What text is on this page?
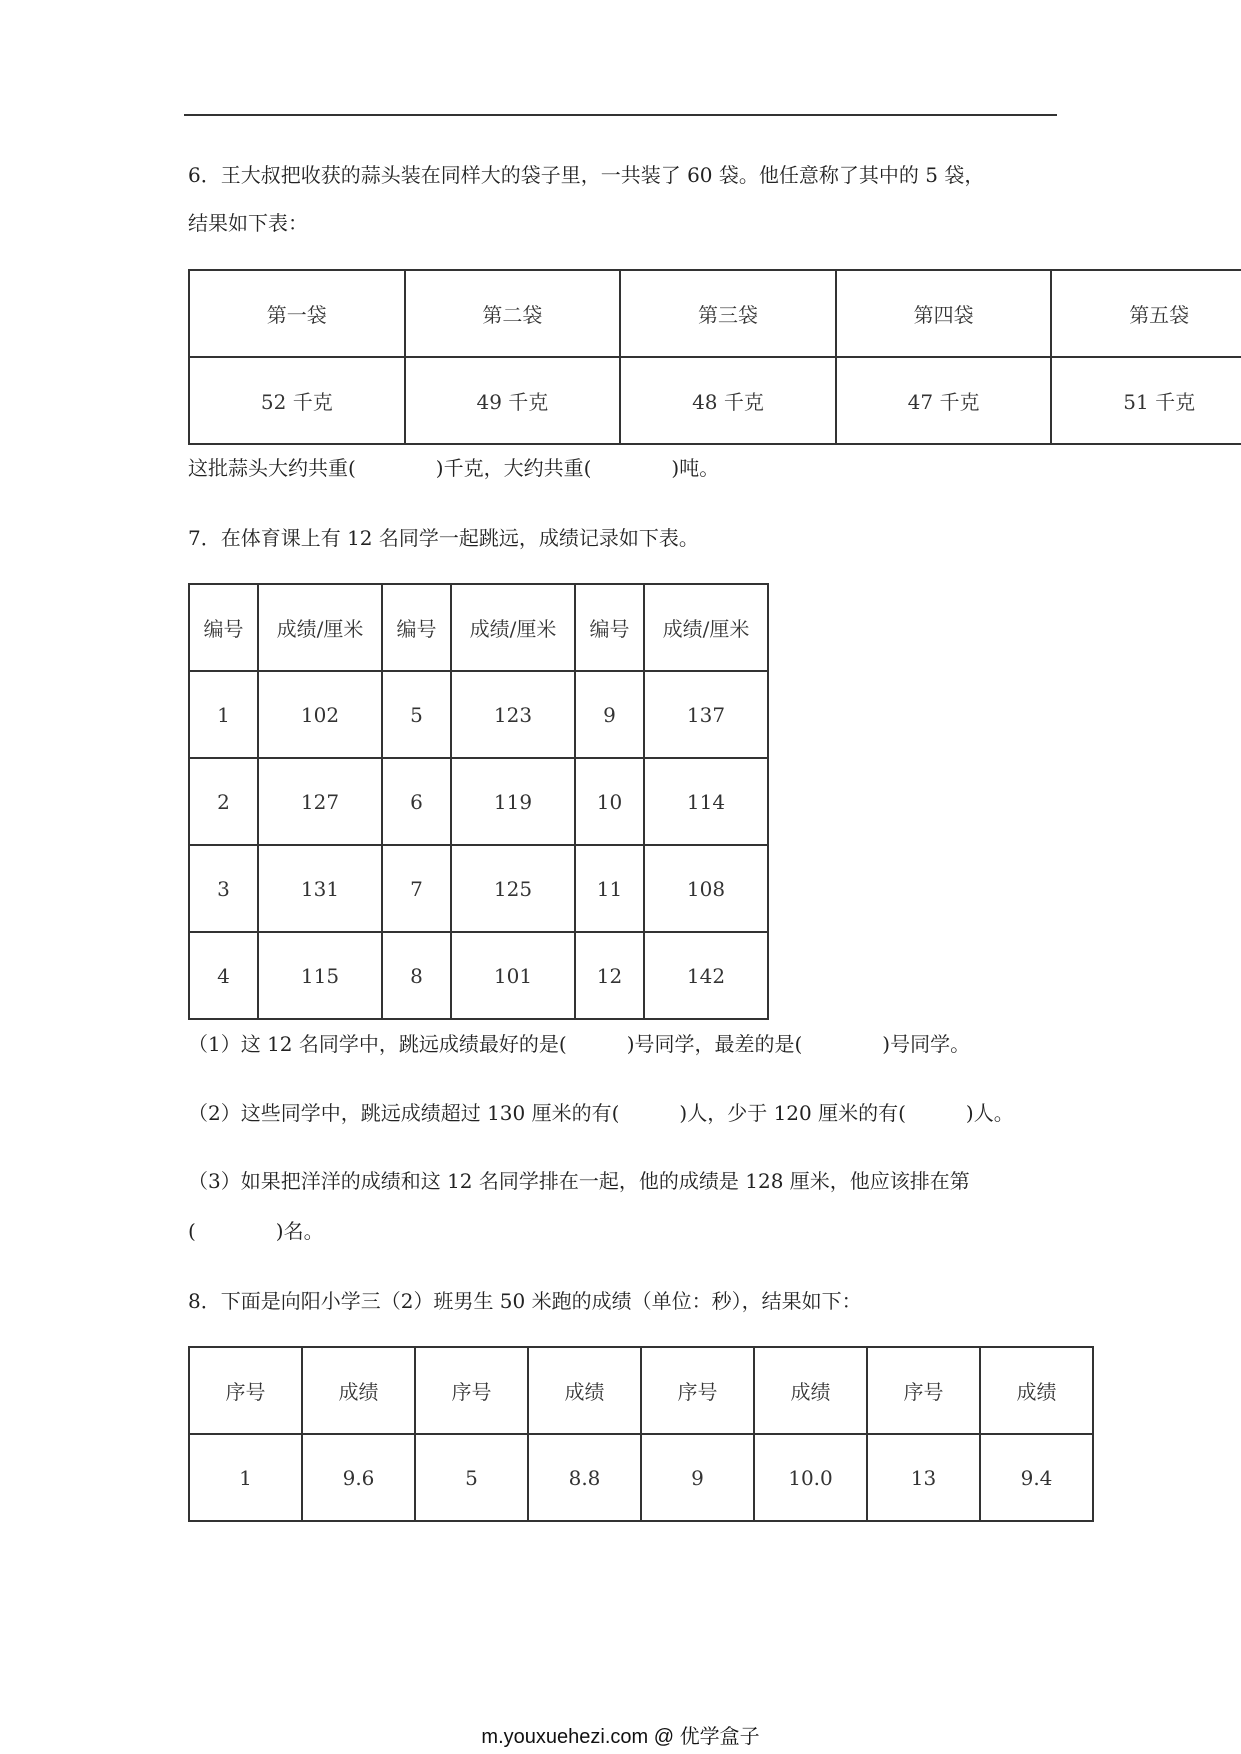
6．王大叔把收获的蒜头装在同样大的袋子里，一共装了 60 袋。他任意称了其中的 5 袋，
结果如下表：
第一袋	第二袋	第三袋	第四袋	第五袋
52 千克	49 千克	48 千克	47 千克	51 千克
这批蒜头大约共重(　　　　)千克，大约共重(　　　　)吨。
7．在体育课上有 12 名同学一起跳远，成绩记录如下表。
编号	成绩/厘米	编号	成绩/厘米	编号	成绩/厘米
1	102	5	123	9	137
2	127	6	119	10	114
3	131	7	125	11	108
4	115	8	101	12	142
（1）这 12 名同学中，跳远成绩最好的是(　　　)号同学，最差的是(　　　　)号同学。
（2）这些同学中，跳远成绩超过 130 厘米的有(　　　)人，少于 120 厘米的有(　　　)人。
（3）如果把洋洋的成绩和这 12 名同学排在一起，他的成绩是 128 厘米，他应该排在第
(　　　　)名。
8．下面是向阳小学三（2）班男生 50 米跑的成绩（单位：秒），结果如下：
序号	成绩	序号	成绩	序号	成绩	序号	成绩
1	9.6	5	8.8	9	10.0	13	9.4
m.youxuehezi.com @ 优学盒子
